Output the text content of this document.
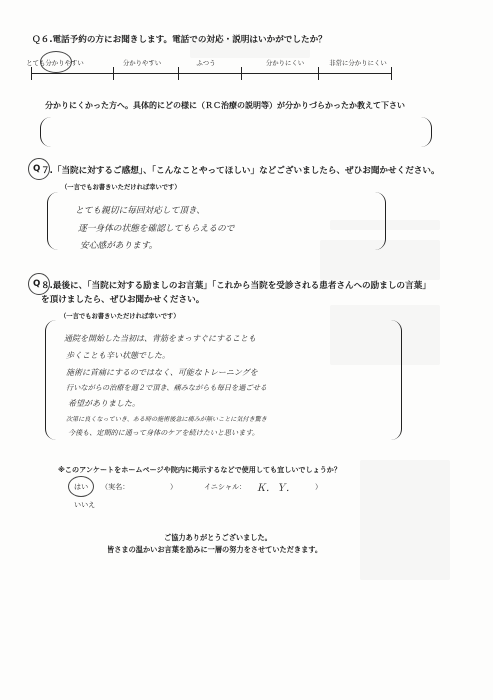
Ｑ６.電話予約の方にお聞きします。電話での対応・説明はいかがでしたか？
とても分かりやすい	分かりやすい	ふつう	分かりにくい	非常に分かりにくい
分かりにくかった方へ。具体的にどの様に（ＲＣ治療の説明等）が分かりづらかったか教えて下さい
Q ７.「当院に対するご感想」、「こんなことやってほしい」などございましたら、ぜひお聞かせください。
（一言でもお書きいただければ幸いです）
とても親切に毎回対応して頂き、
逐一身体の状態を確認してもらえるので
安心感があります。
Q ８.最後に、「当院に対する励ましのお言葉」「これから当院を受診される患者さんへの励ましの言葉」
を頂けましたら、ぜひお聞かせください。
（一言でもお書きいただければ幸いです）
通院を開始した当初は、背筋をまっすぐにすることも
歩くことも辛い状態でした。
施術に首痛にするのではなく、可能なトレーニングを
行いながらの治療を週２で頂き、痛みながらも毎日を過ごせる
希望がありました。
次第に良くなっていき、ある時の施術後急に痛みが無いことに気付き驚き
今後も、定期的に通って身体のケアを続けたいと思います。
※このアンケートをホームページや院内に掲示するなどで使用しても宜しいでしょうか？
はい （実名：	）	イニシャル： Ｋ．Ｙ．	）
いいえ
ご協力ありがとうございました。
皆さまの温かいお言葉を励みに一層の努力をさせていただきます。
